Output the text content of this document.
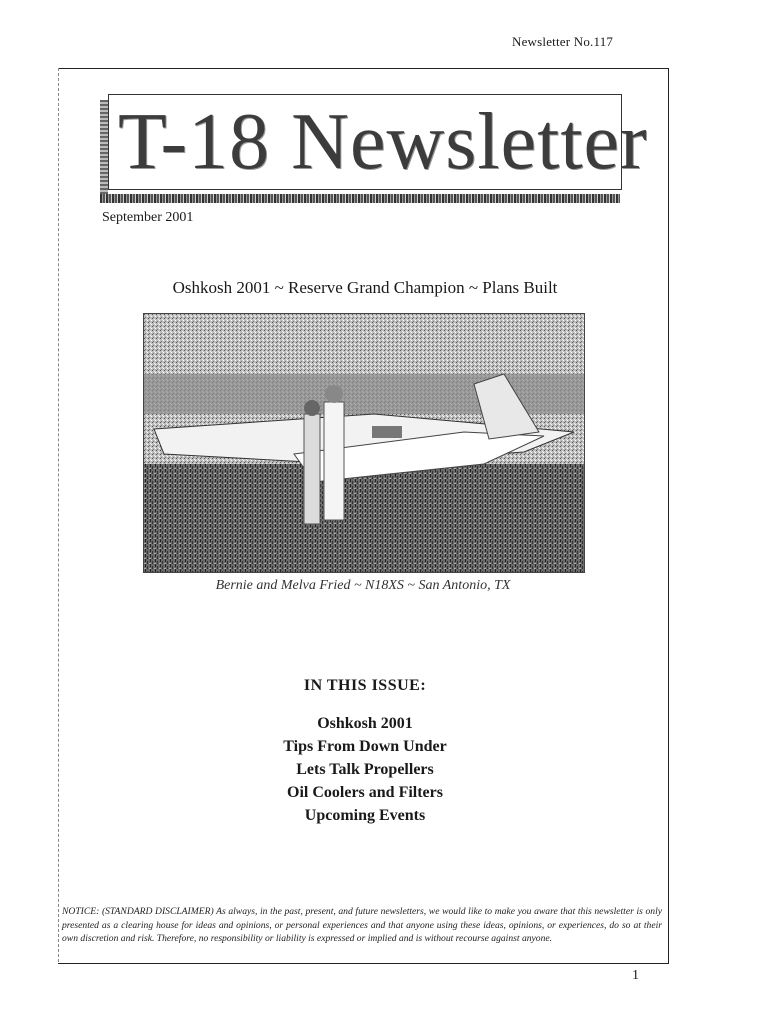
Newsletter No.117
T-18 Newsletter
September 2001
Oshkosh 2001 ~ Reserve Grand Champion ~ Plans Built
Bernie and Melva Fried ~ N18XS ~ San Antonio, TX
IN THIS ISSUE:
Oshkosh 2001
Tips From Down Under
Lets Talk Propellers
Oil Coolers and Filters
Upcoming Events
NOTICE: (STANDARD DISCLAIMER) As always, in the past, present, and future newsletters, we would like to make you aware that this newsletter is only presented as a clearing house for ideas and opinions, or personal experiences and that anyone using these ideas, opinions, or experiences, do so at their own discretion and risk. Therefore, no responsibility or liability is expressed or implied and is without recourse against anyone.
1
